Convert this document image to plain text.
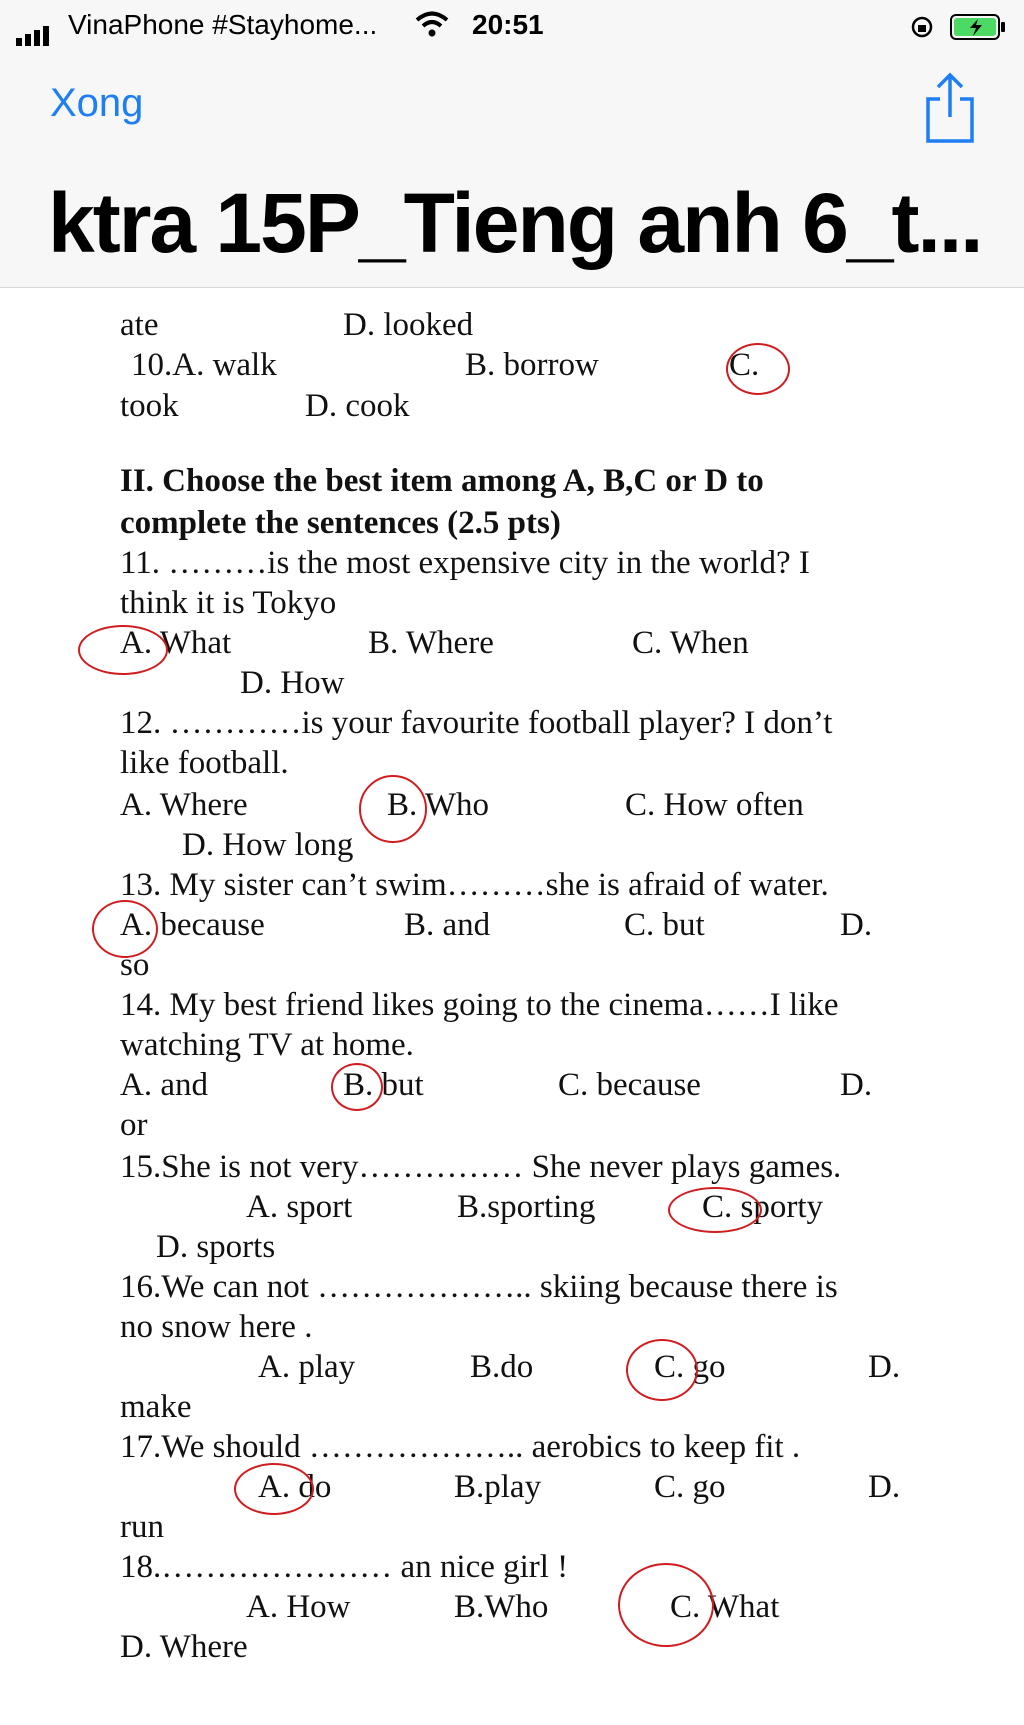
VinaPhone #Stayhome...	20:51
Xong
ktra 15P_Tieng anh 6_t...
ate	D. looked
10.A. walk	B. borrow	C.
took	D. cook
II. Choose the best item among A, B,C or D to
complete the sentences (2.5 pts)
11. ………is the most expensive city in the world? I
think it is Tokyo
A. What	B. Where	C. When
D. How
12. …………is your favourite football player? I don’t
like football.
A. Where	B. Who	C. How often
D. How long
13. My sister can’t swim………she is afraid of water.
A. because	B. and	C. but	D.
so
14. My best friend likes going to the cinema……I like
watching TV at home.
A. and	B. but	C. because	D.
or
15.She is not very…………… She never plays games.
A. sport	B.sporting	C. sporty
D. sports
16.We can not ……………….. skiing because there is
no snow here .
A. play	B.do	C. go	D.
make
17.We should ……………….. aerobics to keep fit .
A. do	B.play	C. go	D.
run
18.………………… an nice girl !
A. How	B.Who	C. What
D. Where
